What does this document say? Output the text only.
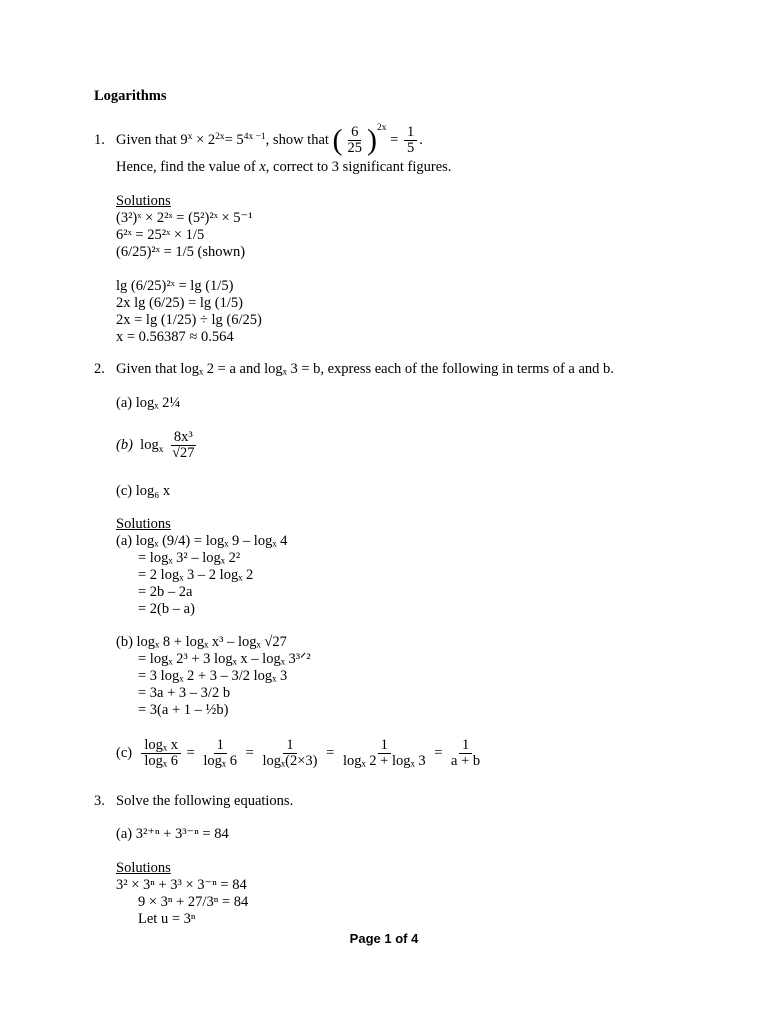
Logarithms
1. Given that $9^x \times 2^{2x}= 5^{4x -1}$, show that ( $\frac{6}{25} )^{2x} = \frac{1}{5}$ .
Hence, find the value of x, correct to 3 significant figures.
Solutions
(3²)ˣ × 2²ˣ = (5²)²ˣ × 5⁻¹
6²ˣ = 25²ˣ × 1/5
(6/25)²ˣ = 1/5 (shown)
lg (6/25)²ˣ = lg (1/5)
2x lg (6/25) = lg (1/5)
2x = lg (1/25) ÷ lg (6/25)
x = 0.56387 ≈ 0.564
2. Given that logₓ 2 = a and logₓ 3 = b, express each of the following in terms of a and b.
(a) logₓ 2¼
(b) $\log_x \frac{\text{8x³}}{√27}$
(c) log₆ x
Solutions
(a) logₓ (9/4) = logₓ 9 – logₓ 4
= logₓ 3² – logₓ 2²
= 2 logₓ 3 – 2 logₓ 2
= 2b – 2a
= 2(b – a)
(b) logₓ 8 + logₓ x³ – logₓ √27
= logₓ 2³ + 3 logₓ x – logₓ 3³ᐟ²
= 3 logₓ 2 + 3 – 3/2 logₓ 3
= 3a + 3 – 3/2 b
= 3(a + 1 – ½b)
$(c) \frac{\text{logₓ x}}{\text{logₓ 6}} = \frac{1}{\text{logₓ 6}} = \frac{1}{\text{logₓ(2×3)}} = \frac{1}{\text{logₓ 2 + logₓ 3}} = \frac{1}{a + b}$
3. Solve the following equations.
(a) 3²⁺ⁿ + 3³⁻ⁿ = 84
Solutions
3² × 3ⁿ + 3³ × 3⁻ⁿ = 84
9 × 3ⁿ + 27/3ⁿ = 84
Let u = 3ⁿ
Page 1 of 4
